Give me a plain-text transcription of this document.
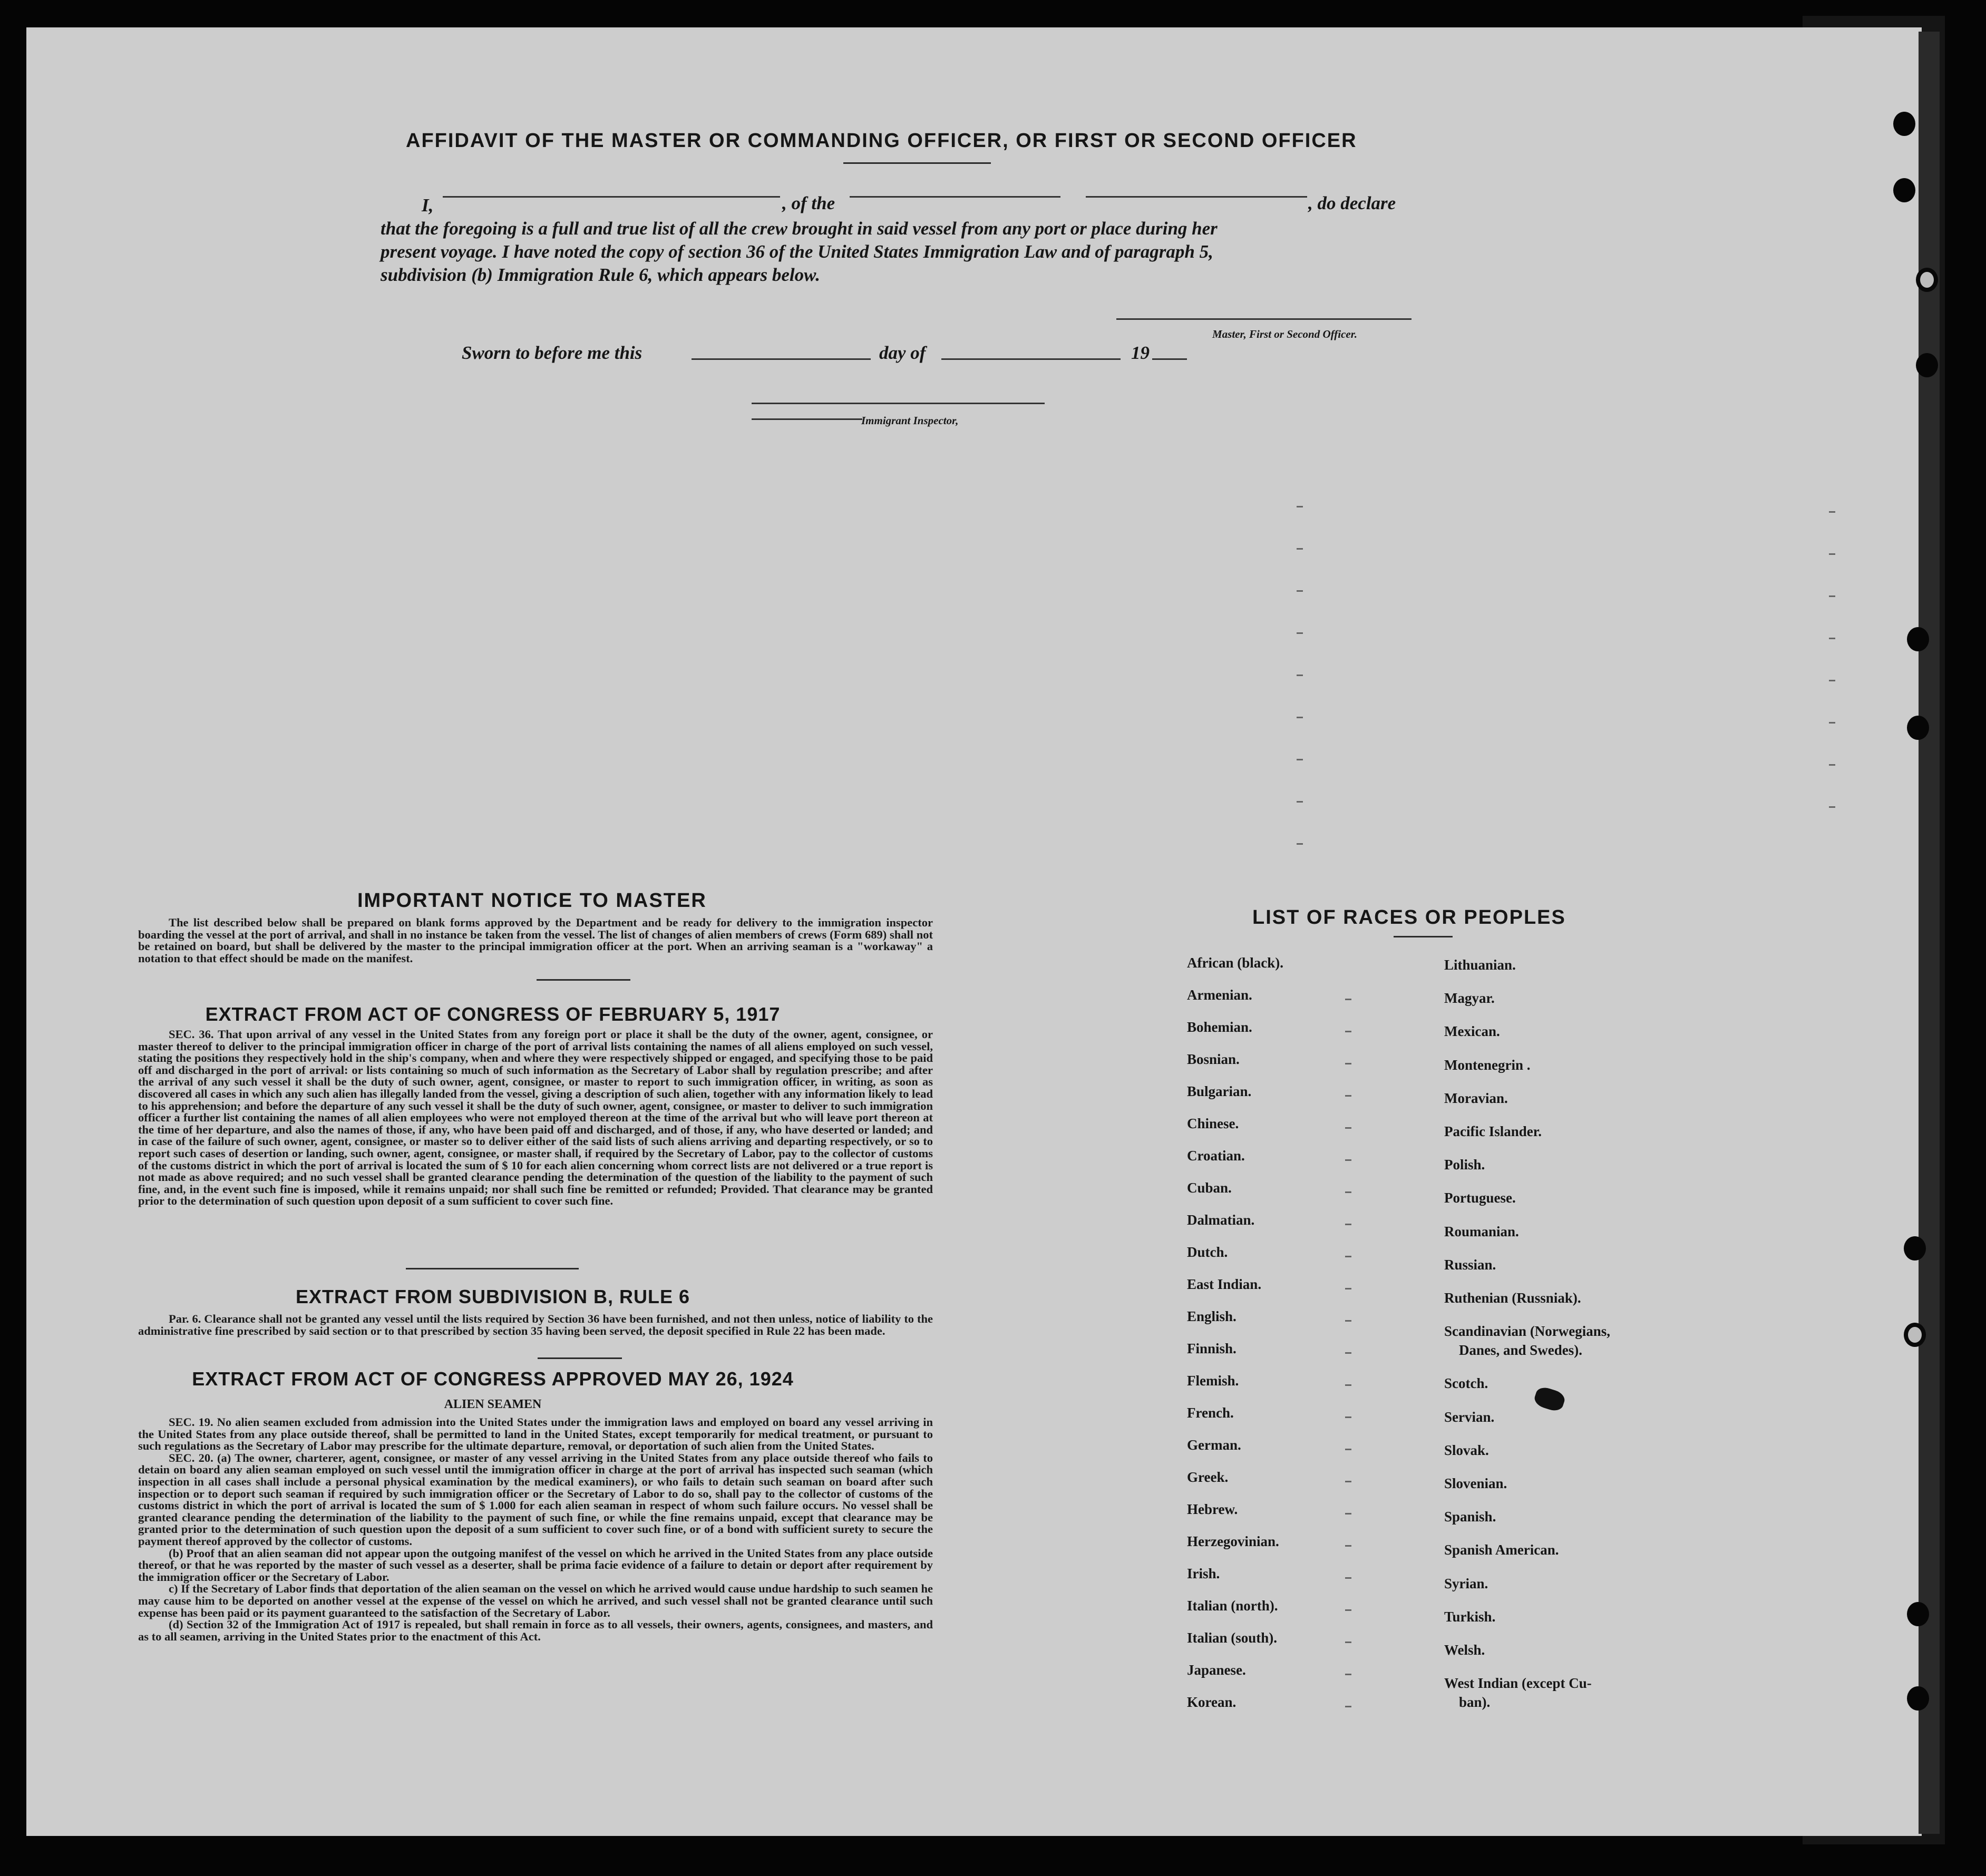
AFFIDAVIT OF THE MASTER OR COMMANDING OFFICER, OR FIRST OR SECOND OFFICER
I,	, of the	, do declare
that the foregoing is a full and true list of all the crew brought in said vessel from any port or place during her
present voyage. I have noted the copy of section 36 of the United States Immigration Law and of paragraph 5,
subdivision (b) Immigration Rule 6, which appears below.
Master, First or Second Officer.
Sworn to before me this	day of	19
Immigrant Inspector,
IMPORTANT NOTICE TO MASTER

The list described below shall be prepared on blank forms approved by the Department and be ready for delivery to the immigration inspector boarding the vessel at the port of arrival, and shall in no instance be taken from the vessel. The list of changes of alien members of crews (Form 689) shall not be retained on board, but shall be delivered by the master to the principal immigration officer at the port. When an arriving seaman is a "workaway" a notation to that effect should be made on the manifest.

EXTRACT FROM ACT OF CONGRESS OF FEBRUARY 5, 1917

SEC. 36. That upon arrival of any vessel in the United States from any foreign port or place it shall be the duty of the owner, agent, consignee, or master thereof to deliver to the principal immigration officer in charge of the port of arrival lists containing the names of all aliens employed on such vessel, stating the positions they respectively hold in the ship's company, when and where they were respectively shipped or engaged, and specifying those to be paid off and discharged in the port of arrival: or lists containing so much of such information as the Secretary of Labor shall by regulation prescribe; and after the arrival of any such vessel it shall be the duty of such owner, agent, consignee, or master to report to such immigration officer, in writing, as soon as discovered all cases in which any such alien has illegally landed from the vessel, giving a description of such alien, together with any information likely to lead to his apprehension; and before the departure of any such vessel it shall be the duty of such owner, agent, consignee, or master to deliver to such immigration officer a further list containing the names of all alien employees who were not employed thereon at the time of the arrival but who will leave port thereon at the time of her departure, and also the names of those, if any, who have been paid off and discharged, and of those, if any, who have deserted or landed; and in case of the failure of such owner, agent, consignee, or master so to deliver either of the said lists of such aliens arriving and departing respectively, or so to report such cases of desertion or landing, such owner, agent, consignee, or master shall, if required by the Secretary of Labor, pay to the collector of customs of the customs district in which the port of arrival is located the sum of $ 10 for each alien concerning whom correct lists are not delivered or a true report is not made as above required; and no such vessel shall be granted clearance pending the determination of the question of the liability to the payment of such fine, and, in the event such fine is imposed, while it remains unpaid; nor shall such fine be remitted or refunded; Provided. That clearance may be granted prior to the determination of such question upon deposit of a sum sufficient to cover such fine.

EXTRACT FROM SUBDIVISION B, RULE 6

Par. 6. Clearance shall not be granted any vessel until the lists required by Section 36 have been furnished, and not then unless, notice of liability to the administrative fine prescribed by said section or to that prescribed by section 35 having been served, the deposit specified in Rule 22 has been made.

EXTRACT FROM ACT OF CONGRESS APPROVED MAY 26, 1924
ALIEN SEAMEN

SEC. 19. No alien seamen excluded from admission into the United States under the immigration laws and employed on board any vessel arriving in the United States from any place outside thereof, shall be permitted to land in the United States, except temporarily for medical treatment, or pursuant to such regulations as the Secretary of Labor may prescribe for the ultimate departure, removal, or deportation of such alien from the United States.

SEC. 20. (a) The owner, charterer, agent, consignee, or master of any vessel arriving in the United States from any place outside thereof who fails to detain on board any alien seaman employed on such vessel until the immigration officer in charge at the port of arrival has inspected such seaman (which inspection in all cases shall include a personal physical examination by the medical examiners), or who fails to detain such seaman on board after such inspection or to deport such seaman if required by such immigration officer or the Secretary of Labor to do so, shall pay to the collector of customs of the customs district in which the port of arrival is located the sum of $ 1.000 for each alien seaman in respect of whom such failure occurs. No vessel shall be granted clearance pending the determination of the liability to the payment of such fine, or while the fine remains unpaid, except that clearance may be granted prior to the determination of such question upon the deposit of a sum sufficient to cover such fine, or of a bond with sufficient surety to secure the payment thereof approved by the collector of customs.

(b) Proof that an alien seaman did not appear upon the outgoing manifest of the vessel on which he arrived in the United States from any place outside thereof, or that he was reported by the master of such vessel as a deserter, shall be prima facie evidence of a failure to detain or deport after requirement by the immigration officer or the Secretary of Labor.

c) If the Secretary of Labor finds that deportation of the alien seaman on the vessel on which he arrived would cause undue hardship to such seamen he may cause him to be deported on another vessel at the expense of the vessel on which he arrived, and such vessel shall not be granted clearance until such expense has been paid or its payment guaranteed to the satisfaction of the Secretary of Labor.

(d) Section 32 of the Immigration Act of 1917 is repealed, but shall remain in force as to all vessels, their owners, agents, consignees, and masters, and as to all seamen, arriving in the United States prior to the enactment of this Act.

LIST OF RACES OR PEOPLES
African (black).
Armenian.
Bohemian.
Bosnian.
Bulgarian.
Chinese.
Croatian.
Cuban.
Dalmatian.
Dutch.
East Indian.
English.
Finnish.
Flemish.
French.
German.
Greek.
Hebrew.
Herzegovinian.
Irish.
Italian (north).
Italian (south).
Japanese.
Korean.
Lithuanian.
Magyar.
Mexican.
Montenegrin .
Moravian.
Pacific Islander.
Polish.
Portuguese.
Roumanian.
Russian.
Ruthenian (Russniak).
Scandinavian (Norwegians,
Danes, and Swedes).
Scotch.
Servian.
Slovak.
Slovenian.
Spanish.
Spanish American.
Syrian.
Turkish.
Welsh.
West Indian (except Cu-
ban).
